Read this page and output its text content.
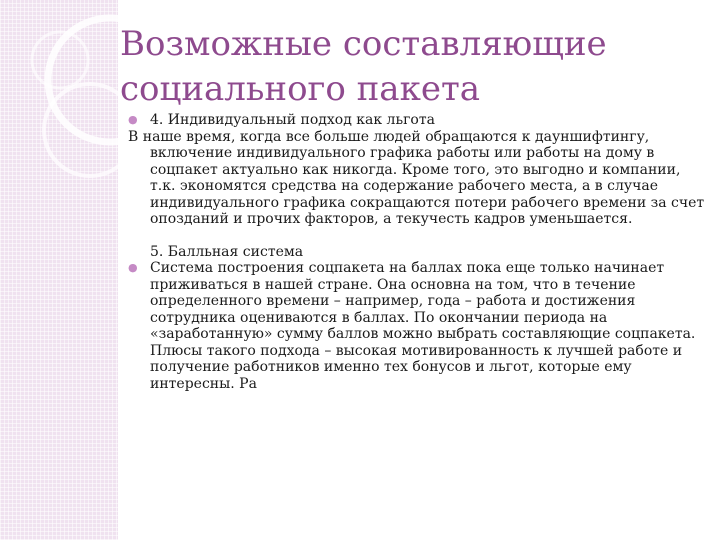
Возможные составляющие социального пакета

● 4. Индивидуальный подход как льгота

В наше время, когда все больше людей обращаются к дауншифтингу, включение индивидуального графика работы или работы на дому в соцпакет актуально как никогда. Кроме того, это выгодно и компании, т.к. экономятся средства на содержание рабочего места, а в случае индивидуального графика сокращаются потери рабочего времени за счет опозданий и прочих факторов, а текучесть кадров уменьшается.

5. Балльная система

● Система построения соцпакета на баллах пока еще только начинает приживаться в нашей стране. Она основна на том, что в течение определенного времени – например, года – работа и достижения сотрудника оцениваются в баллах. По окончании периода на «заработанную» сумму баллов можно выбрать составляющие соцпакета. Плюсы такого подхода – высокая мотивированность к лучшей работе и получение работников именно тех бонусов и льгот, которые ему интересны. Ра
